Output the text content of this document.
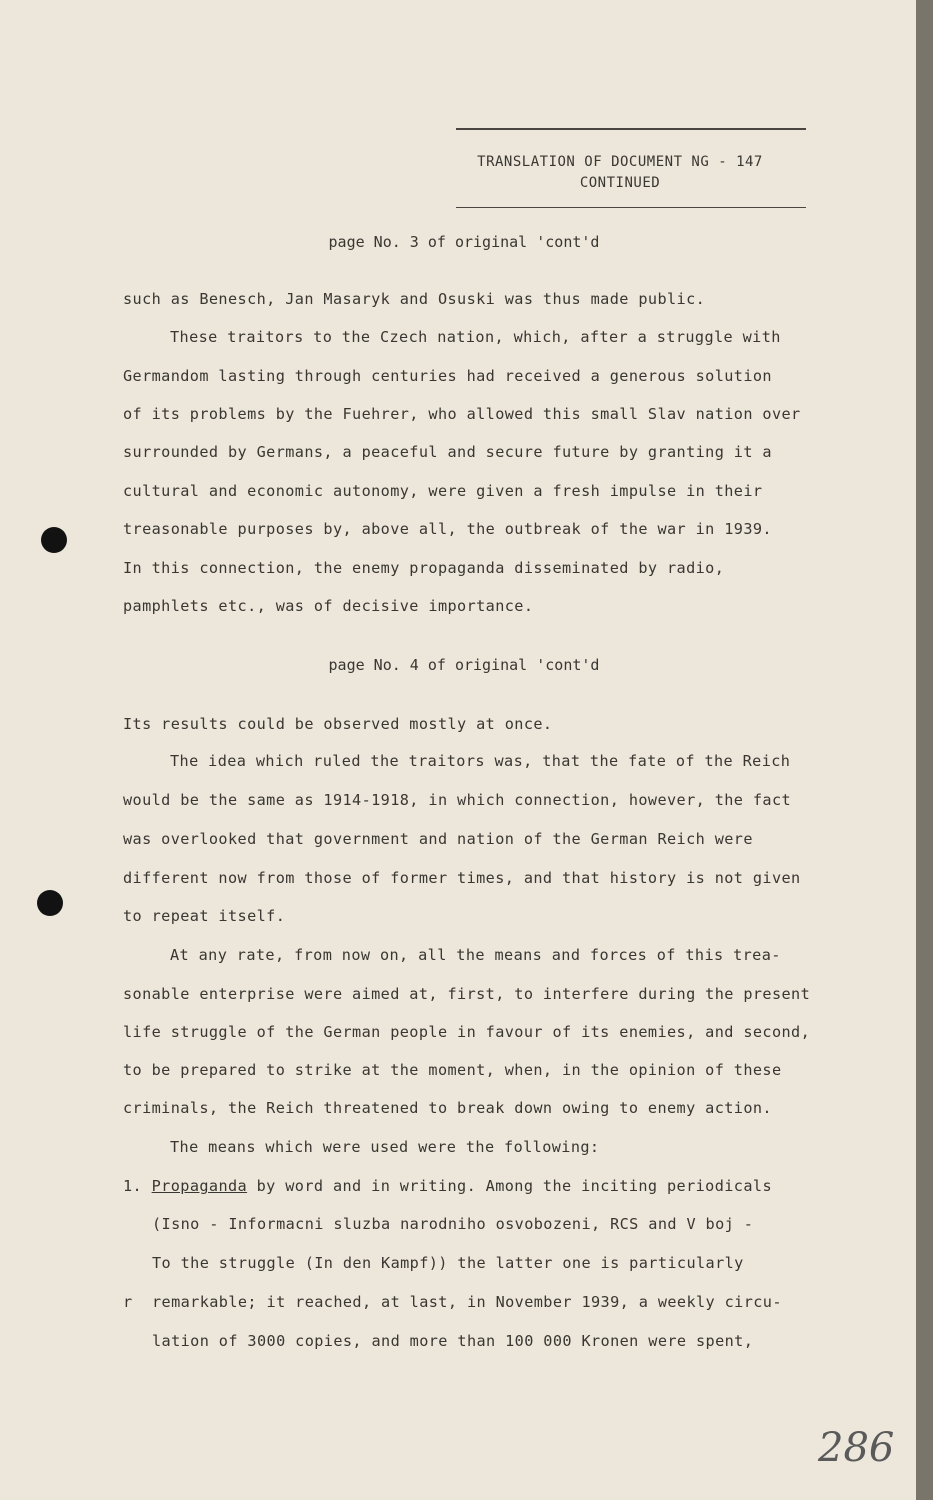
TRANSLATION OF DOCUMENT NG - 147
CONTINUED
page No. 3 of original 'cont'd
such as Benesch, Jan Masaryk and Osuski was thus made public.
These traitors to the Czech nation, which, after a struggle with
Germandom lasting through centuries had received a generous solution
of its problems by the Fuehrer, who allowed this small Slav nation over
surrounded by Germans, a peaceful and secure future by granting it a
cultural and economic autonomy, were given a fresh impulse in their
treasonable purposes by, above all, the outbreak of the war in 1939.
In this connection, the enemy propaganda disseminated by radio,
pamphlets etc., was of decisive importance.
page No. 4 of original 'cont'd
Its results could be observed mostly at once.
The idea which ruled the traitors was, that the fate of the Reich
would be the same as 1914-1918, in which connection, however, the fact
was overlooked that government and nation of the German Reich were
different now from those of former times, and that history is not given
to repeat itself.
At any rate, from now on, all the means and forces of this trea-
sonable enterprise were aimed at, first, to interfere during the present
life struggle of the German people in favour of its enemies, and second,
to be prepared to strike at the moment, when, in the opinion of these
criminals, the Reich threatened to break down owing to enemy action.
The means which were used were the following:
1. Propaganda by word and in writing. Among the inciting periodicals
(Isno - Informacni sluzba narodniho osvobozeni, RCS and V boj -
To the struggle (In den Kampf)) the latter one is particularly
r remarkable; it reached, at last, in November 1939, a weekly circu-
lation of 3000 copies, and more than 100 000 Kronen were spent,
286
